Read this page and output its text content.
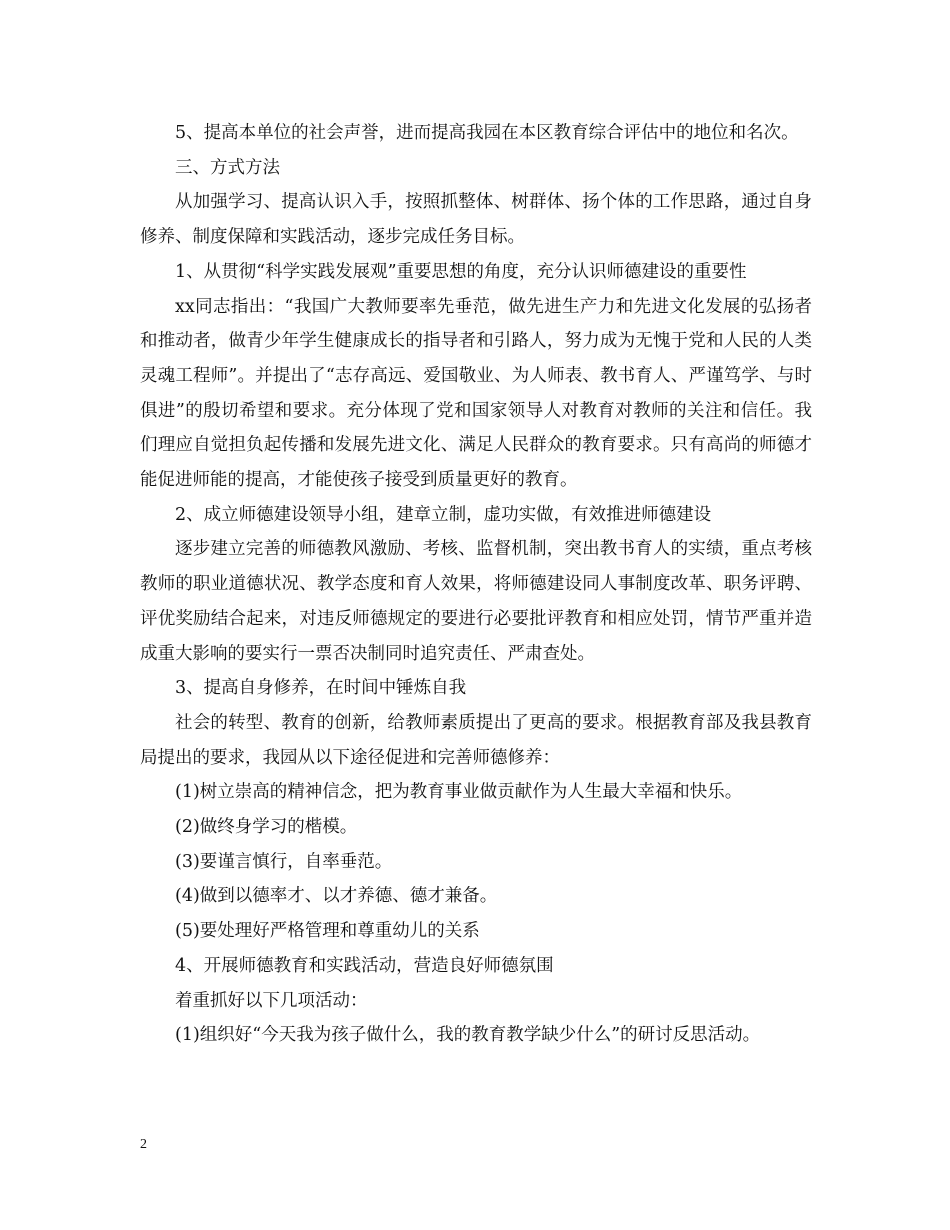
5、提高本单位的社会声誉，进而提高我园在本区教育综合评估中的地位和名次。

三、方式方法

从加强学习、提高认识入手，按照抓整体、树群体、扬个体的工作思路，通过自身修养、制度保障和实践活动，逐步完成任务目标。

1、从贯彻“科学实践发展观”重要思想的角度，充分认识师德建设的重要性

xx同志指出：“我国广大教师要率先垂范，做先进生产力和先进文化发展的弘扬者和推动者，做青少年学生健康成长的指导者和引路人，努力成为无愧于党和人民的人类灵魂工程师”。并提出了“志存高远、爱国敬业、为人师表、教书育人、严谨笃学、与时俱进”的殷切希望和要求。充分体现了党和国家领导人对教育对教师的关注和信任。我们理应自觉担负起传播和发展先进文化、满足人民群众的教育要求。只有高尚的师德才能促进师能的提高，才能使孩子接受到质量更好的教育。

2、成立师德建设领导小组，建章立制，虚功实做，有效推进师德建设

逐步建立完善的师德教风激励、考核、监督机制，突出教书育人的实绩，重点考核教师的职业道德状况、教学态度和育人效果，将师德建设同人事制度改革、职务评聘、评优奖励结合起来，对违反师德规定的要进行必要批评教育和相应处罚，情节严重并造成重大影响的要实行一票否决制同时追究责任、严肃查处。

3、提高自身修养，在时间中锤炼自我

社会的转型、教育的创新，给教师素质提出了更高的要求。根据教育部及我县教育局提出的要求，我园从以下途径促进和完善师德修养：

(1)树立崇高的精神信念，把为教育事业做贡献作为人生最大幸福和快乐。

(2)做终身学习的楷模。

(3)要谨言慎行，自率垂范。

(4)做到以德率才、以才养德、德才兼备。

(5)要处理好严格管理和尊重幼儿的关系

4、开展师德教育和实践活动，营造良好师德氛围

着重抓好以下几项活动：

(1)组织好“今天我为孩子做什么，我的教育教学缺少什么”的研讨反思活动。

2
